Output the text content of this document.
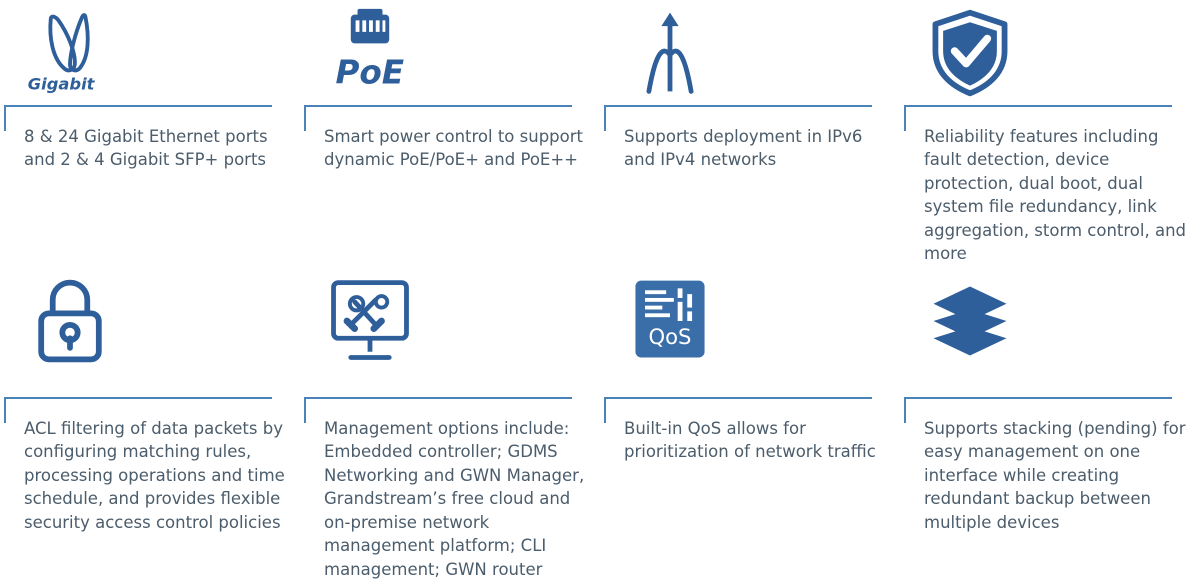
Gigabit
8 & 24 Gigabit Ethernet ports and 2 & 4 Gigabit SFP+ ports
PoE
Smart power control to support dynamic PoE/PoE+ and PoE++
Supports deployment in IPv6 and IPv4 networks
Reliability features including fault detection, device protection, dual boot, dual system file redundancy, link aggregation, storm control, and more
ACL filtering of data packets by configuring matching rules, processing operations and time schedule, and provides flexible security access control policies
Management options include: Embedded controller; GDMS Networking and GWN Manager, Grandstream’s free cloud and on-premise network management platform; CLI management; GWN router
QoS
Built-in QoS allows for prioritization of network traffic
Supports stacking (pending) for easy management on one interface while creating redundant backup between multiple devices
